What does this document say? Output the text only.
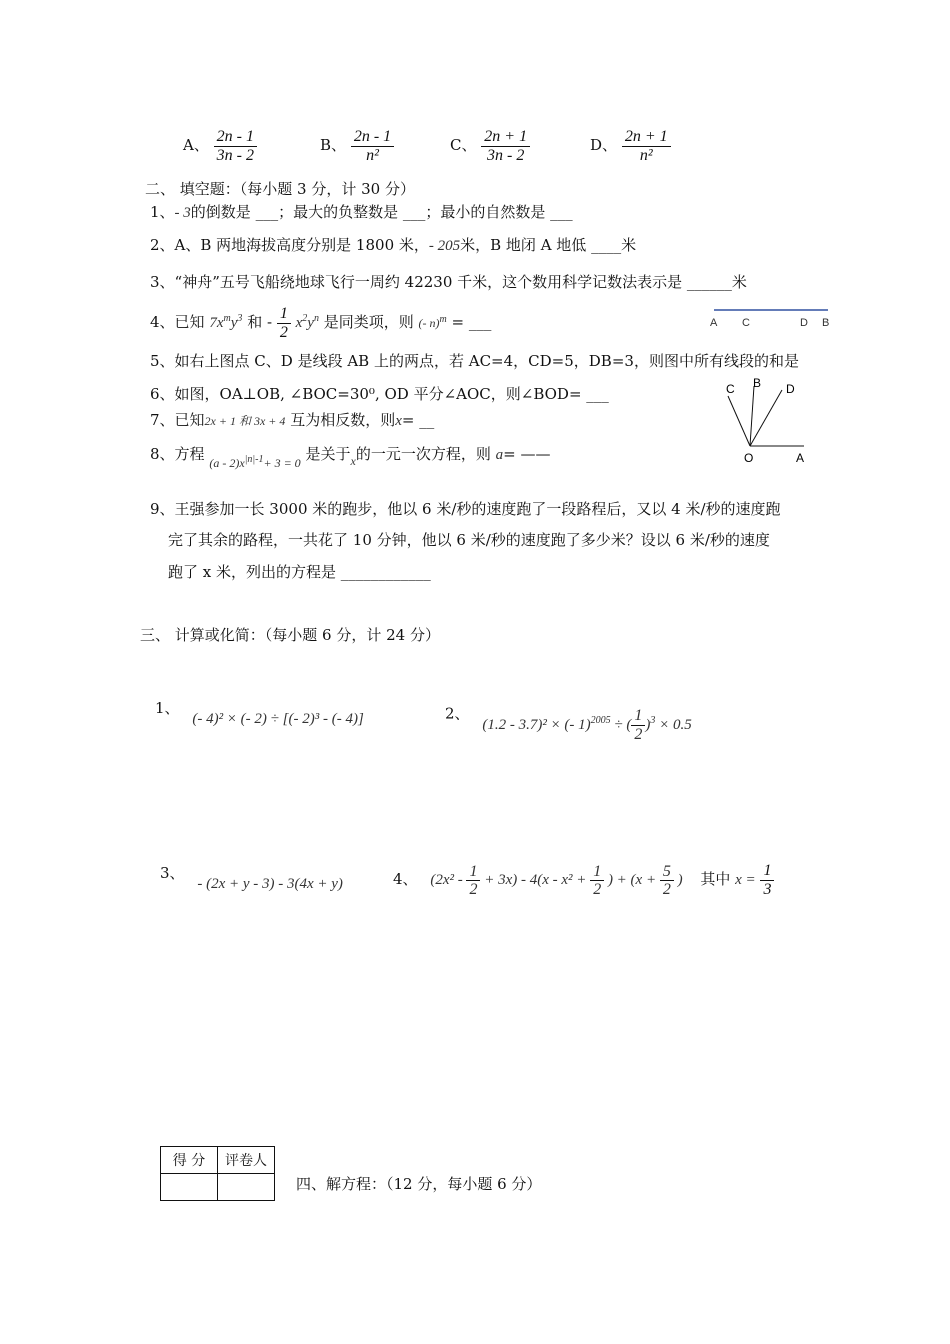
A、 $\frac{2n - 1}{3n - 2}$	B、 $\frac{2n - 1}{\text{n²}}$	C、 $\frac{2n + 1}{3n - 2}$	D、 $\frac{2n + 1}{\text{n²}}$
二、 填空题：（每小题 3 分，计 30 分）
1、- 3的倒数是 ___；最大的负整数是 ___；最小的自然数是 ___
2、A、B 两地海拔高度分别是 1800 米，- 205米，B 地闭 A 地低 ____米
3、“神舟”五号飞船绕地球飞行一周约 42230 千米，这个数用科学记数法表示是 ______米
4、已知 $7x^my^3$ 和 - $\frac{1}{2} x^2y^n$ 是同类项，则 (- n)$^m$ = ___	A C	D B
5、如右上图点 C、D 是线段 AB 上的两点，若 AC=4，CD=5，DB=3，则图中所有线段的和是
6、如图，OA⊥OB, ∠BOC=30⁰, OD 平分∠AOC，则∠BOD= ___	C B D
O	A
7、已知2x + 1 和 3x + 4 互为相反数，则x= __
8、方程 $_{(a - 2)x^{|n|-1}+ 3 = 0}$ 是关于$_x$的一元一次方程，则 a= ——
9、王强参加一长 3000 米的跑步，他以 6 米/秒的速度跑了一段路程后，又以 4 米/秒的速度跑
完了其余的路程，一共花了 10 分钟，他以 6 米/秒的速度跑了多少米？设以 6 米/秒的速度
跑了 x 米，列出的方程是 ____________
三、 计算或化简：（每小题 6 分，计 24 分）
1、 (- 4)² × (- 2) ÷ [(- 2)³ - (- 4)]	2、 (1.2 - 3.7)² × (- 1)$^{2005}$ ÷ ( $\frac{1}{2} )^3 \times 0.5$
3、 - (2x + y - 3) - 3(4x + y)	4、 $(2x^2 - \frac{1}{2} + 3x) - 4(x - x^2 + \frac{1}{2}$ ) + ($x + \frac{5}{2}$ ) 其中 $x = \frac{1}{3}$
得 分	评卷人

四、解方程：（12 分，每小题 6 分）
